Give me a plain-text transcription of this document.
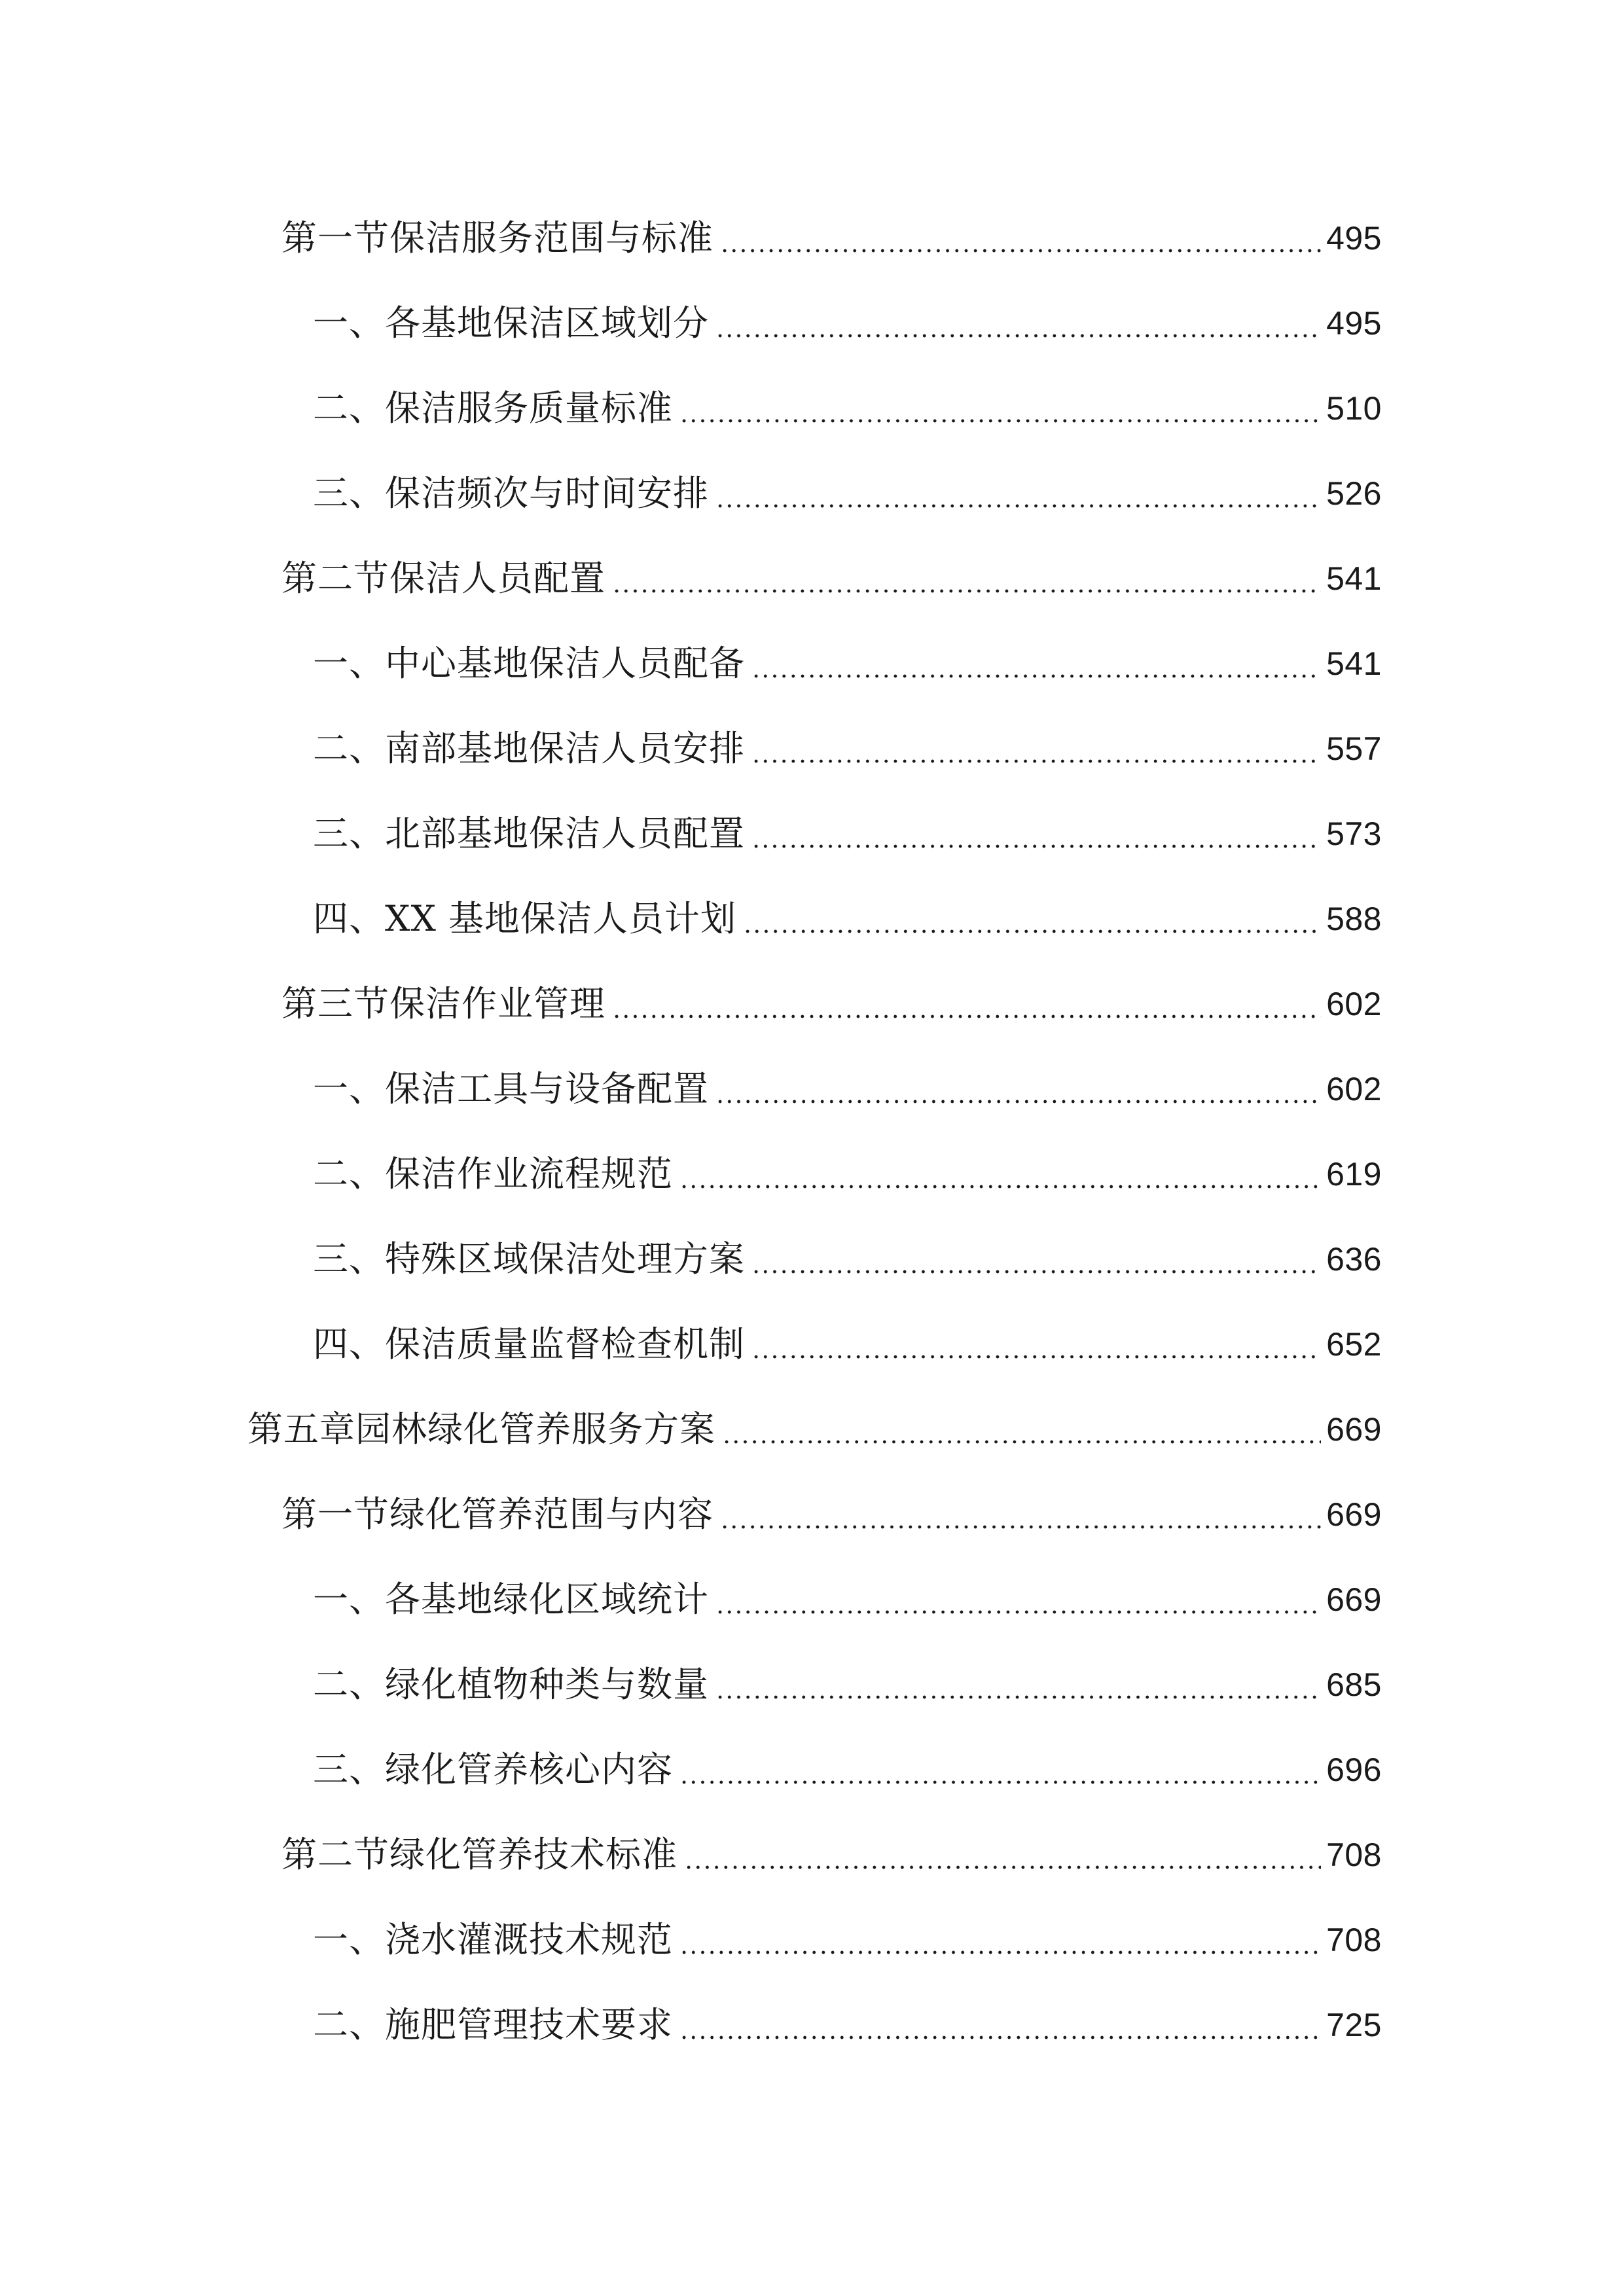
第一节保洁服务范围与标准	495
一、各基地保洁区域划分	495
二、保洁服务质量标准	510
三、保洁频次与时间安排	526
第二节保洁人员配置	541
一、中心基地保洁人员配备	541
二、南部基地保洁人员安排	557
三、北部基地保洁人员配置	573
四、XX 基地保洁人员计划	588
第三节保洁作业管理	602
一、保洁工具与设备配置	602
二、保洁作业流程规范	619
三、特殊区域保洁处理方案	636
四、保洁质量监督检查机制	652
第五章园林绿化管养服务方案	669
第一节绿化管养范围与内容	669
一、各基地绿化区域统计	669
二、绿化植物种类与数量	685
三、绿化管养核心内容	696
第二节绿化管养技术标准	708
一、浇水灌溉技术规范	708
二、施肥管理技术要求	725
